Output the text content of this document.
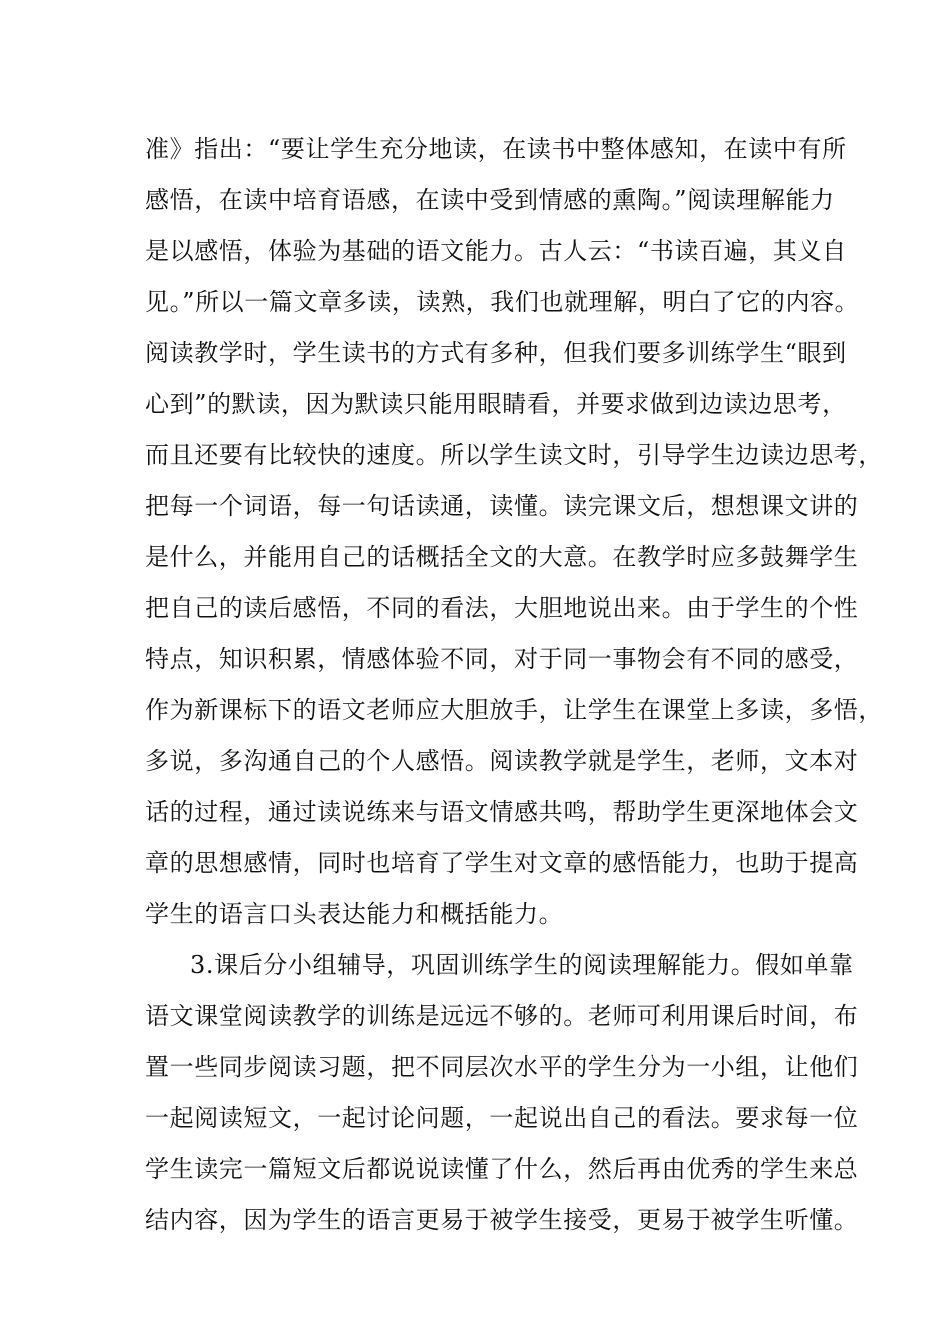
准》指出：“要让学生充分地读，在读书中整体感知，在读中有所
感悟，在读中培育语感，在读中受到情感的熏陶。”阅读理解能力
是以感悟，体验为基础的语文能力。古人云：“书读百遍，其义自
见。”所以一篇文章多读，读熟，我们也就理解，明白了它的内容。
阅读教学时，学生读书的方式有多种，但我们要多训练学生“眼到
心到”的默读，因为默读只能用眼睛看，并要求做到边读边思考，
而且还要有比较快的速度。所以学生读文时，引导学生边读边思考，
把每一个词语，每一句话读通，读懂。读完课文后，想想课文讲的
是什么，并能用自己的话概括全文的大意。在教学时应多鼓舞学生
把自己的读后感悟，不同的看法，大胆地说出来。由于学生的个性
特点，知识积累，情感体验不同，对于同一事物会有不同的感受，
作为新课标下的语文老师应大胆放手，让学生在课堂上多读，多悟，
多说，多沟通自己的个人感悟。阅读教学就是学生，老师，文本对
话的过程，通过读说练来与语文情感共鸣，帮助学生更深地体会文
章的思想感情，同时也培育了学生对文章的感悟能力，也助于提高
学生的语言口头表达能力和概括能力。
3.课后分小组辅导，巩固训练学生的阅读理解能力。假如单靠
语文课堂阅读教学的训练是远远不够的。老师可利用课后时间，布
置一些同步阅读习题，把不同层次水平的学生分为一小组，让他们
一起阅读短文，一起讨论问题，一起说出自己的看法。要求每一位
学生读完一篇短文后都说说读懂了什么，然后再由优秀的学生来总
结内容，因为学生的语言更易于被学生接受，更易于被学生听懂。
